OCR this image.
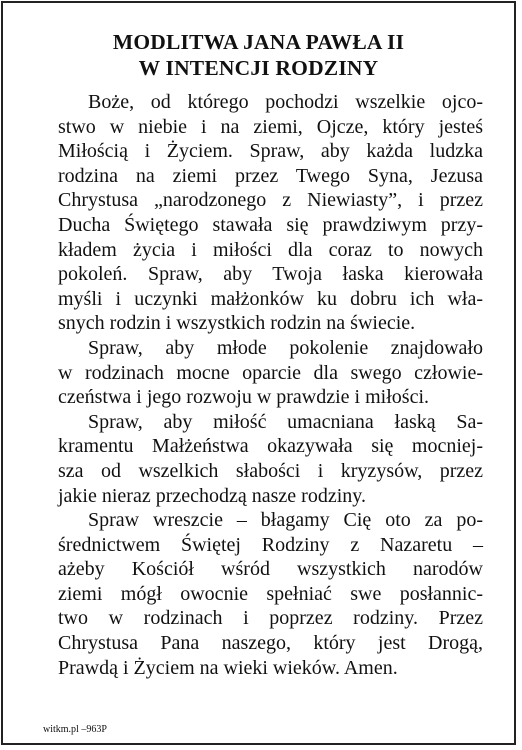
MODLITWA JANA PAWŁA II
W INTENCJI RODZINY

Boże, od którego pochodzi wszelkie ojco-
stwo w niebie i na ziemi, Ojcze, który jesteś
Miłością i Życiem. Spraw, aby każda ludzka
rodzina na ziemi przez Twego Syna, Jezusa
Chrystusa „narodzonego z Niewiasty”, i przez
Ducha Świętego stawała się prawdziwym przy-
kładem życia i miłości dla coraz to nowych
pokoleń. Spraw, aby Twoja łaska kierowała
myśli i uczynki małżonków ku dobru ich wła-
snych rodzin i wszystkich rodzin na świecie.

Spraw, aby młode pokolenie znajdowało
w rodzinach mocne oparcie dla swego człowie-
czeństwa i jego rozwoju w prawdzie i miłości.

Spraw, aby miłość umacniana łaską Sa-
kramentu Małżeństwa okazywała się mocniej-
sza od wszelkich słabości i kryzysów, przez
jakie nieraz przechodzą nasze rodziny.

Spraw wreszcie – błagamy Cię oto za po-
średnictwem Świętej Rodziny z Nazaretu –
ażeby Kościół wśród wszystkich narodów
ziemi mógł owocnie spełniać swe posłannic-
two w rodzinach i poprzez rodziny. Przez
Chrystusa Pana naszego, który jest Drogą,
Prawdą i Życiem na wieki wieków. Amen.

witkm.pl –963P
